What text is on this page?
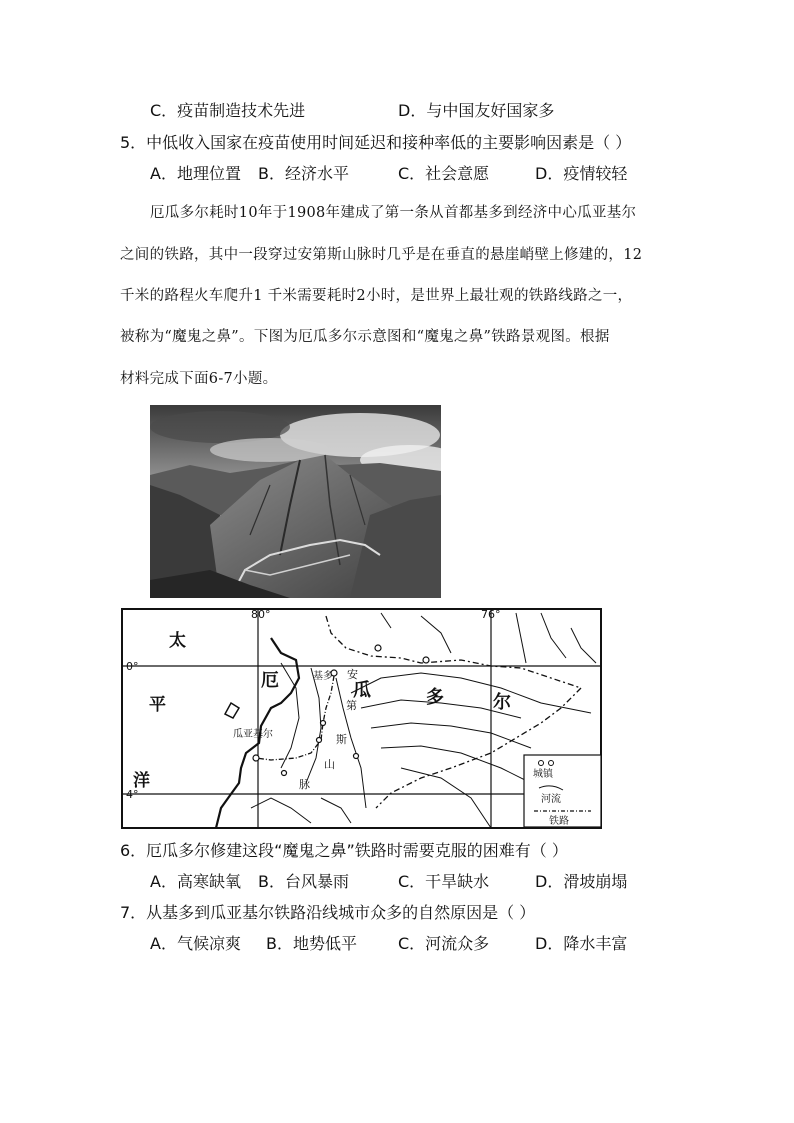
C．疫苗制造技术先进	D．与中国友好国家多
5．中低收入国家在疫苗使用时间延迟和接种率低的主要影响因素是（ ）
A．地理位置 B．经济水平	C．社会意愿	D．疫情较轻
厄瓜多尔耗时10年于1908年建成了第一条从首都基多到经济中心瓜亚基尔
之间的铁路，其中一段穿过安第斯山脉时几乎是在垂直的悬崖峭壁上修建的，12
千米的路程火车爬升1 千米需要耗时2小时，是世界上最壮观的铁路线路之一，
被称为“魔鬼之鼻”。下图为厄瓜多尔示意图和“魔鬼之鼻”铁路景观图。根据
材料完成下面6-7小题。
80°	76°
0°
4°
太
平
洋
厄	瓜	多	尔
基多
瓜亚基尔
安
第
斯
山
脉
城镇
河流
铁路
6．厄瓜多尔修建这段“魔鬼之鼻”铁路时需要克服的困难有（ ）
A．高寒缺氧 B．台风暴雨	C．干旱缺水	D．滑坡崩塌
7．从基多到瓜亚基尔铁路沿线城市众多的自然原因是（ ）
A．气候凉爽 B．地势低平	C．河流众多	D．降水丰富
